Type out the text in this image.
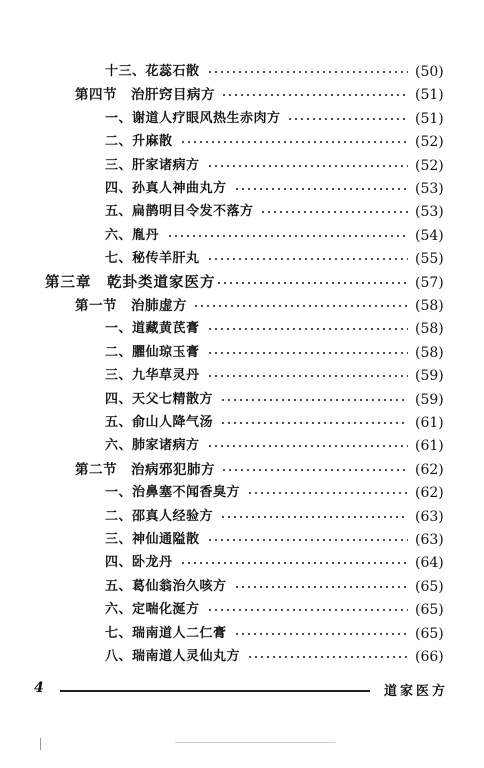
十三、花蕊石散	(50)
第四节　治肝窍目病方	(51)
一、谢道人疗眼风热生赤肉方	(51)
二、升麻散	(52)
三、肝家诸病方	(52)
四、孙真人神曲丸方	(53)
五、扁鹊明目令发不落方	(53)
六、胤丹	(54)
七、秘传羊肝丸	(55)
第三章　乾卦类道家医方	(57)
第一节　治肺虚方	(58)
一、道藏黄芪膏	(58)
二、臞仙琼玉膏	(58)
三、九华草灵丹	(59)
四、天父七精散方	(59)
五、俞山人降气汤	(61)
六、肺家诸病方	(61)
第二节　治病邪犯肺方	(62)
一、治鼻塞不闻香臭方	(62)
二、邵真人经验方	(63)
三、神仙通隘散	(63)
四、卧龙丹	(64)
五、葛仙翁治久咳方	(65)
六、定喘化涎方	(65)
七、瑞南道人二仁膏	(65)
八、瑞南道人灵仙丸方	(66)
4	道家医方
